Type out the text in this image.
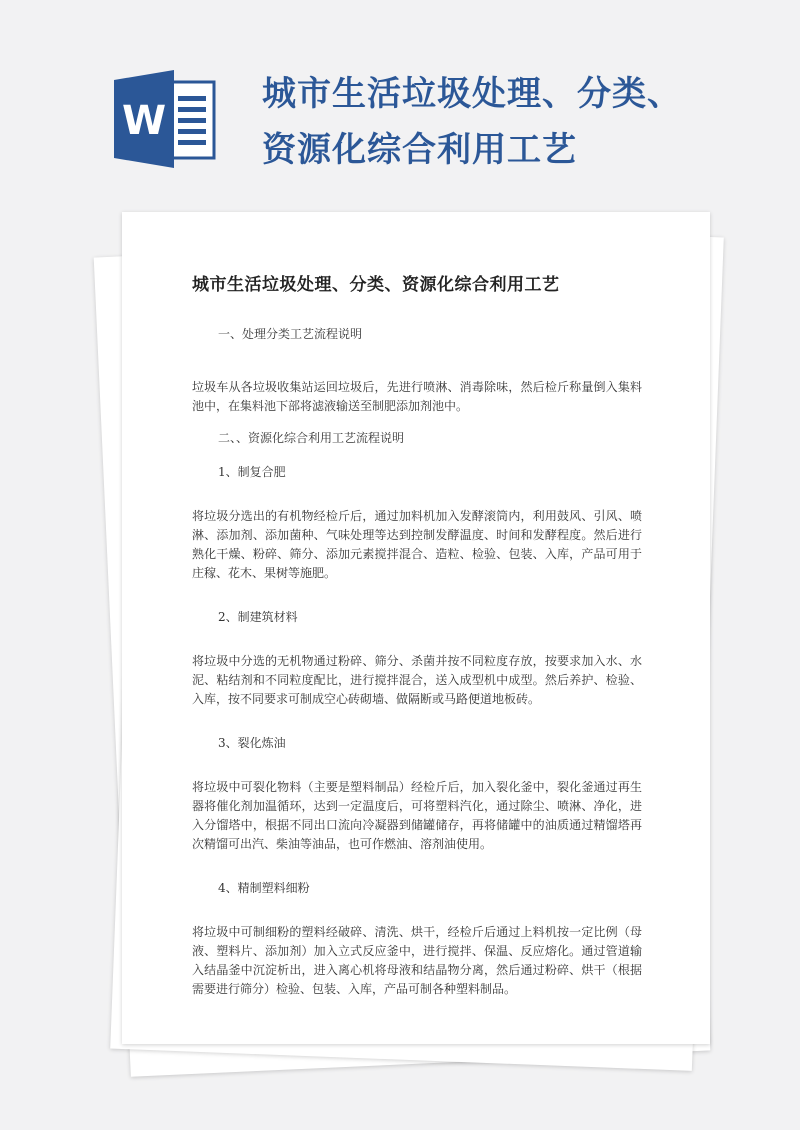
W
城市生活垃圾处理、分类、资源化综合利用工艺
城市生活垃圾处理、分类、资源化综合利用工艺

一、处理分类工艺流程说明

垃圾车从各垃圾收集站运回垃圾后，先进行喷淋、消毒除味，然后检斤称量倒入集料池中，在集料池下部将滤液输送至制肥添加剂池中。

二、、资源化综合利用工艺流程说明

1、制复合肥

将垃圾分选出的有机物经检斤后，通过加料机加入发酵滚筒内，利用鼓风、引风、喷淋、添加剂、添加菌种、气味处理等达到控制发酵温度、时间和发酵程度。然后进行熟化干燥、粉碎、筛分、添加元素搅拌混合、造粒、检验、包装、入库，产品可用于庄稼、花木、果树等施肥。

2、制建筑材料

将垃圾中分选的无机物通过粉碎、筛分、杀菌并按不同粒度存放，按要求加入水、水泥、粘结剂和不同粒度配比，进行搅拌混合，送入成型机中成型。然后养护、检验、入库，按不同要求可制成空心砖砌墙、做隔断或马路便道地板砖。

3、裂化炼油

将垃圾中可裂化物料（主要是塑料制品）经检斤后，加入裂化釜中，裂化釜通过再生器将催化剂加温循环，达到一定温度后，可将塑料汽化，通过除尘、喷淋、净化，进入分馏塔中，根据不同出口流向冷凝器到储罐储存，再将储罐中的油质通过精馏塔再次精馏可出汽、柴油等油品，也可作燃油、溶剂油使用。

4、精制塑料细粉

将垃圾中可制细粉的塑料经破碎、清洗、烘干，经检斤后通过上料机按一定比例（母液、塑料片、添加剂）加入立式反应釜中，进行搅拌、保温、反应熔化。通过管道输入结晶釜中沉淀析出，进入离心机将母液和结晶物分离，然后通过粉碎、烘干（根据需要进行筛分）检验、包装、入库，产品可制各种塑料制品。
